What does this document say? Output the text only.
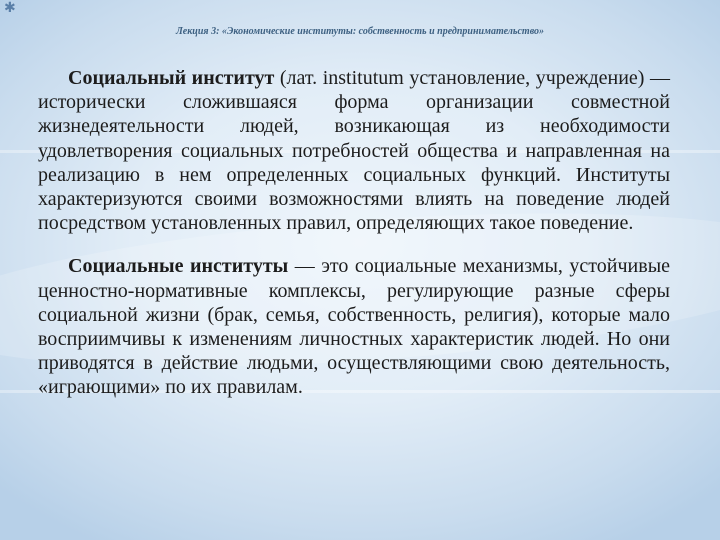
✱
Лекция 3: «Экономические институты: собственность и предпринимательство»

Социальный институт (лат. institutum установление, учреждение) — исторически сложившаяся форма организации совместной жизнедеятельности людей, возникающая из необходимости удовлетворения социальных потребностей общества и направленная на реализацию в нем определенных социальных функций. Институты характеризуются своими возможностями влиять на поведение людей посредством установленных правил, определяющих такое поведение.

Социальные институты — это социальные механизмы, устойчивые ценностно-нормативные комплексы, регулирующие разные сферы социальной жизни (брак, семья, собственность, религия), которые мало восприимчивы к изменениям личностных характеристик людей. Но они приводятся в действие людьми, осуществляющими свою деятельность, «играющими» по их правилам.
